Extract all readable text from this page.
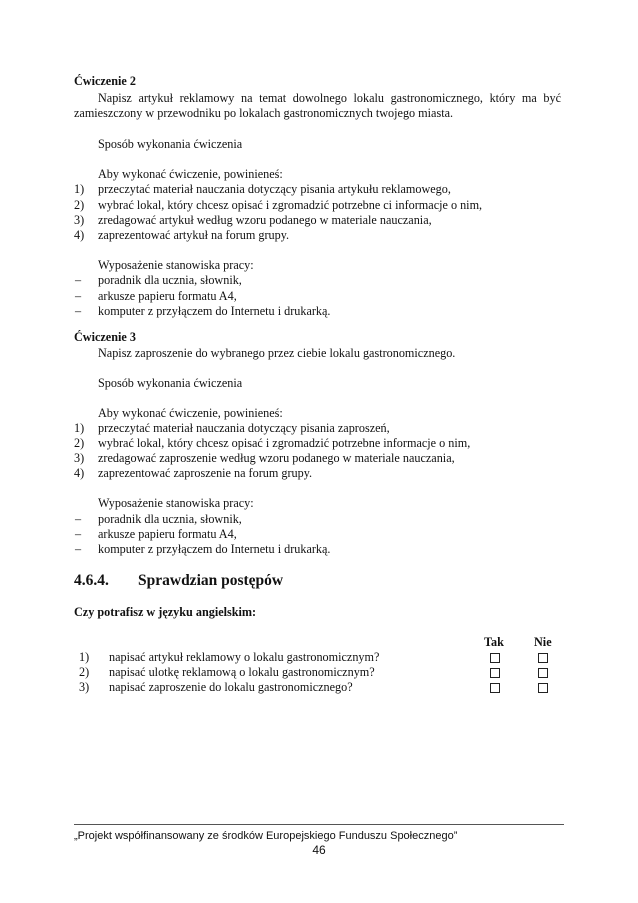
Ćwiczenie 2
Napisz artykuł reklamowy na temat dowolnego lokalu gastronomicznego, który ma być
zamieszczony w przewodniku po lokalach gastronomicznych twojego miasta.
Sposób wykonania ćwiczenia
Aby wykonać ćwiczenie, powinieneś:
1) przeczytać materiał nauczania dotyczący pisania artykułu reklamowego,
2) wybrać lokal, który chcesz opisać i zgromadzić potrzebne ci informacje o nim,
3) zredagować artykuł według wzoru podanego w materiale nauczania,
4) zaprezentować artykuł na forum grupy.
Wyposażenie stanowiska pracy:
– poradnik dla ucznia, słownik,
– arkusze papieru formatu A4,
– komputer z przyłączem do Internetu i drukarką.
Ćwiczenie 3
Napisz zaproszenie do wybranego przez ciebie lokalu gastronomicznego.
Sposób wykonania ćwiczenia
Aby wykonać ćwiczenie, powinieneś:
1) przeczytać materiał nauczania dotyczący pisania zaproszeń,
2) wybrać lokal, który chcesz opisać i zgromadzić potrzebne informacje o nim,
3) zredagować zaproszenie według wzoru podanego w materiale nauczania,
4) zaprezentować zaproszenie na forum grupy.
Wyposażenie stanowiska pracy:
– poradnik dla ucznia, słownik,
– arkusze papieru formatu A4,
– komputer z przyłączem do Internetu i drukarką.
4.6.4. Sprawdzian postępów
Czy potrafisz w języku angielskim:
Tak Nie
1) napisać artykuł reklamowy o lokalu gastronomicznym?
2) napisać ulotkę reklamową o lokalu gastronomicznym?
3) napisać zaproszenie do lokalu gastronomicznego?
„Projekt współfinansowany ze środków Europejskiego Funduszu Społecznego”
46
